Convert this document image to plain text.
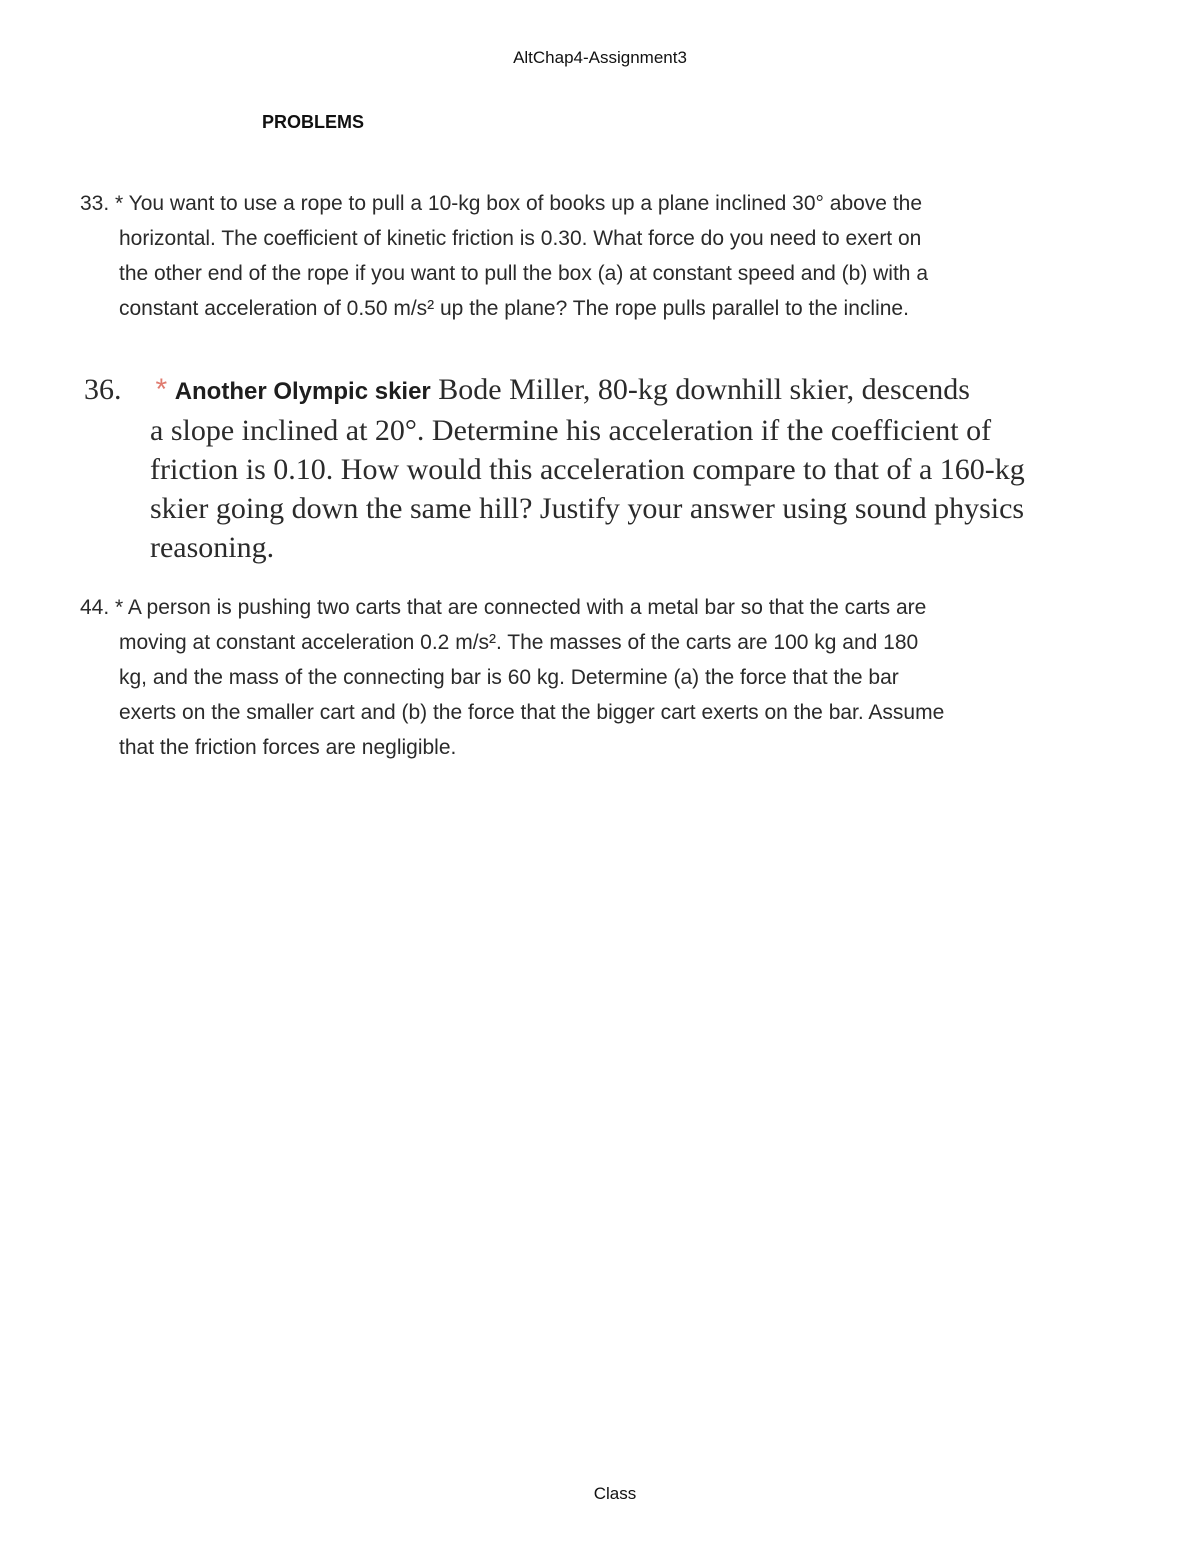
AltChap4-Assignment3
PROBLEMS
33. * You want to use a rope to pull a 10-kg box of books up a plane inclined 30° above the
horizontal. The coefficient of kinetic friction is 0.30. What force do you need to exert on
the other end of the rope if you want to pull the box (a) at constant speed and (b) with a
constant acceleration of 0.50 m/s² up the plane? The rope pulls parallel to the incline.
36. * Another Olympic skier Bode Miller, 80-kg downhill skier, descends
a slope inclined at 20°. Determine his acceleration if the coefficient of
friction is 0.10. How would this acceleration compare to that of a 160-kg
skier going down the same hill? Justify your answer using sound physics
reasoning.
44. * A person is pushing two carts that are connected with a metal bar so that the carts are
moving at constant acceleration 0.2 m/s². The masses of the carts are 100 kg and 180
kg, and the mass of the connecting bar is 60 kg. Determine (a) the force that the bar
exerts on the smaller cart and (b) the force that the bigger cart exerts on the bar. Assume
that the friction forces are negligible.
Class
